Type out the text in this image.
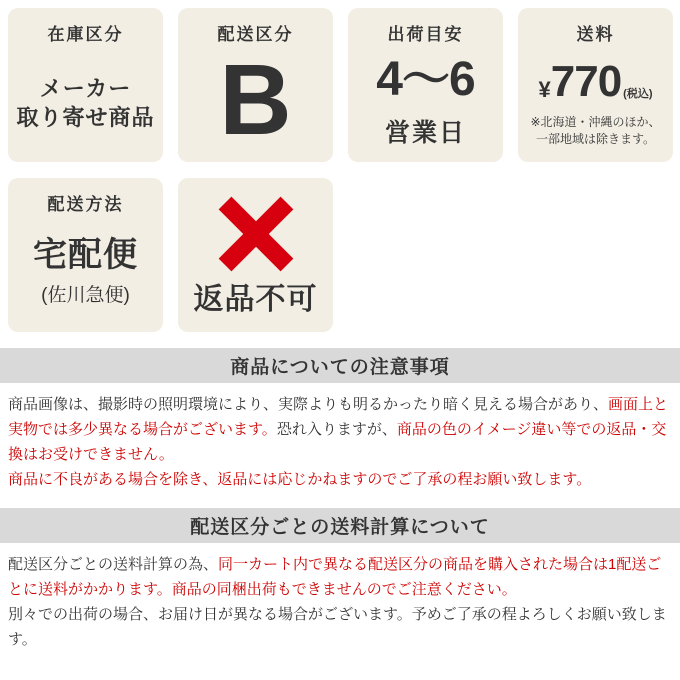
在庫区分
メーカー
取り寄せ商品
配送区分
B
出荷目安
4〜6
営業日
送料
¥ 770 (税込)
※北海道・沖縄のほか、
一部地域は除きます。
配送方法
宅配便
(佐川急便) 返品不可
商品についての注意事項

商品画像は、撮影時の照明環境により、実際よりも明るかったり暗く見える場合があり、画面上と実物では多少異なる場合がございます。恐れ入りますが、商品の色のイメージ違い等での返品・交換はお受けできません。

商品に不良がある場合を除き、返品には応じかねますのでご了承の程お願い致します。

配送区分ごとの送料計算について

配送区分ごとの送料計算の為、同一カート内で異なる配送区分の商品を購入された場合は1配送ごとに送料がかかります。商品の同梱出荷もできませんのでご注意ください。

別々での出荷の場合、お届け日が異なる場合がございます。予めご了承の程よろしくお願い致します。
